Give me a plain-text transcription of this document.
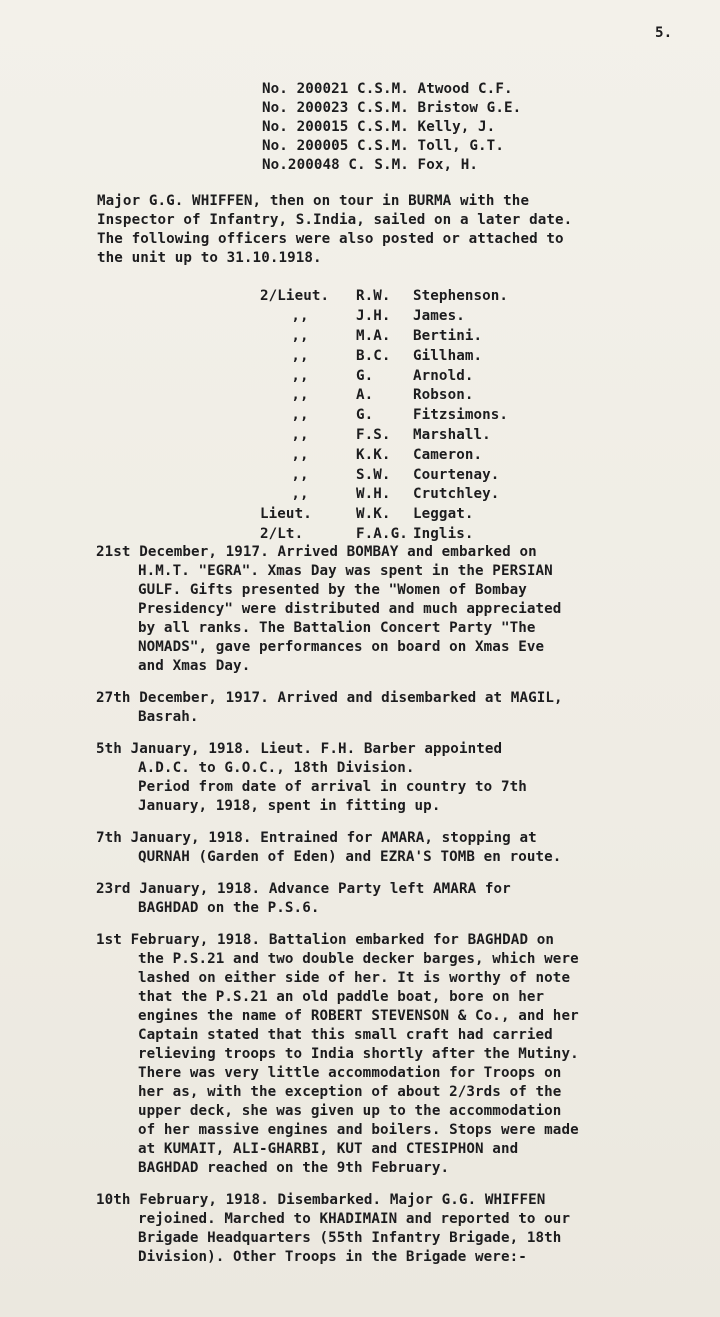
5.
No. 200021 C.S.M. Atwood C.F.
No. 200023 C.S.M. Bristow G.E.
No. 200015 C.S.M. Kelly, J.
No. 200005 C.S.M. Toll, G.T.
No.200048 C. S.M. Fox, H.
Major G.G. WHIFFEN, then on tour in BURMA with the
Inspector of Infantry, S.India, sailed on a later date.
The following officers were also posted or attached to
the unit up to 31.10.1918.
2/Lieut.	R.W.	Stephenson.
,,	J.H.	James.
,,	M.A.	Bertini.
,,	B.C.	Gillham.
,,	G.	Arnold.
,,	A.	Robson.
,,	G.	Fitzsimons.
,,	F.S.	Marshall.
,,	K.K.	Cameron.
,,	S.W.	Courtenay.
,,	W.H.	Crutchley.
Lieut.	W.K.	Leggat.
2/Lt.	F.A.G. Inglis.
21st December, 1917. Arrived BOMBAY and embarked on
H.M.T. "EGRA". Xmas Day was spent in the PERSIAN
GULF. Gifts presented by the "Women of Bombay
Presidency" were distributed and much appreciated
by all ranks. The Battalion Concert Party "The
NOMADS", gave performances on board on Xmas Eve
and Xmas Day.
27th December, 1917. Arrived and disembarked at MAGIL,
Basrah.
5th January, 1918. Lieut. F.H. Barber appointed
A.D.C. to G.O.C., 18th Division.
Period from date of arrival in country to 7th
January, 1918, spent in fitting up.
7th January, 1918. Entrained for AMARA, stopping at
QURNAH (Garden of Eden) and EZRA'S TOMB en route.
23rd January, 1918. Advance Party left AMARA for
BAGHDAD on the P.S.6.
1st February, 1918. Battalion embarked for BAGHDAD on
the P.S.21 and two double decker barges, which were
lashed on either side of her. It is worthy of note
that the P.S.21 an old paddle boat, bore on her
engines the name of ROBERT STEVENSON & Co., and her
Captain stated that this small craft had carried
relieving troops to India shortly after the Mutiny.
There was very little accommodation for Troops on
her as, with the exception of about 2/3rds of the
upper deck, she was given up to the accommodation
of her massive engines and boilers. Stops were made
at KUMAIT, ALI-GHARBI, KUT and CTESIPHON and
BAGHDAD reached on the 9th February.
10th February, 1918. Disembarked. Major G.G. WHIFFEN
rejoined. Marched to KHADIMAIN and reported to our
Brigade Headquarters (55th Infantry Brigade, 18th
Division). Other Troops in the Brigade were:-
